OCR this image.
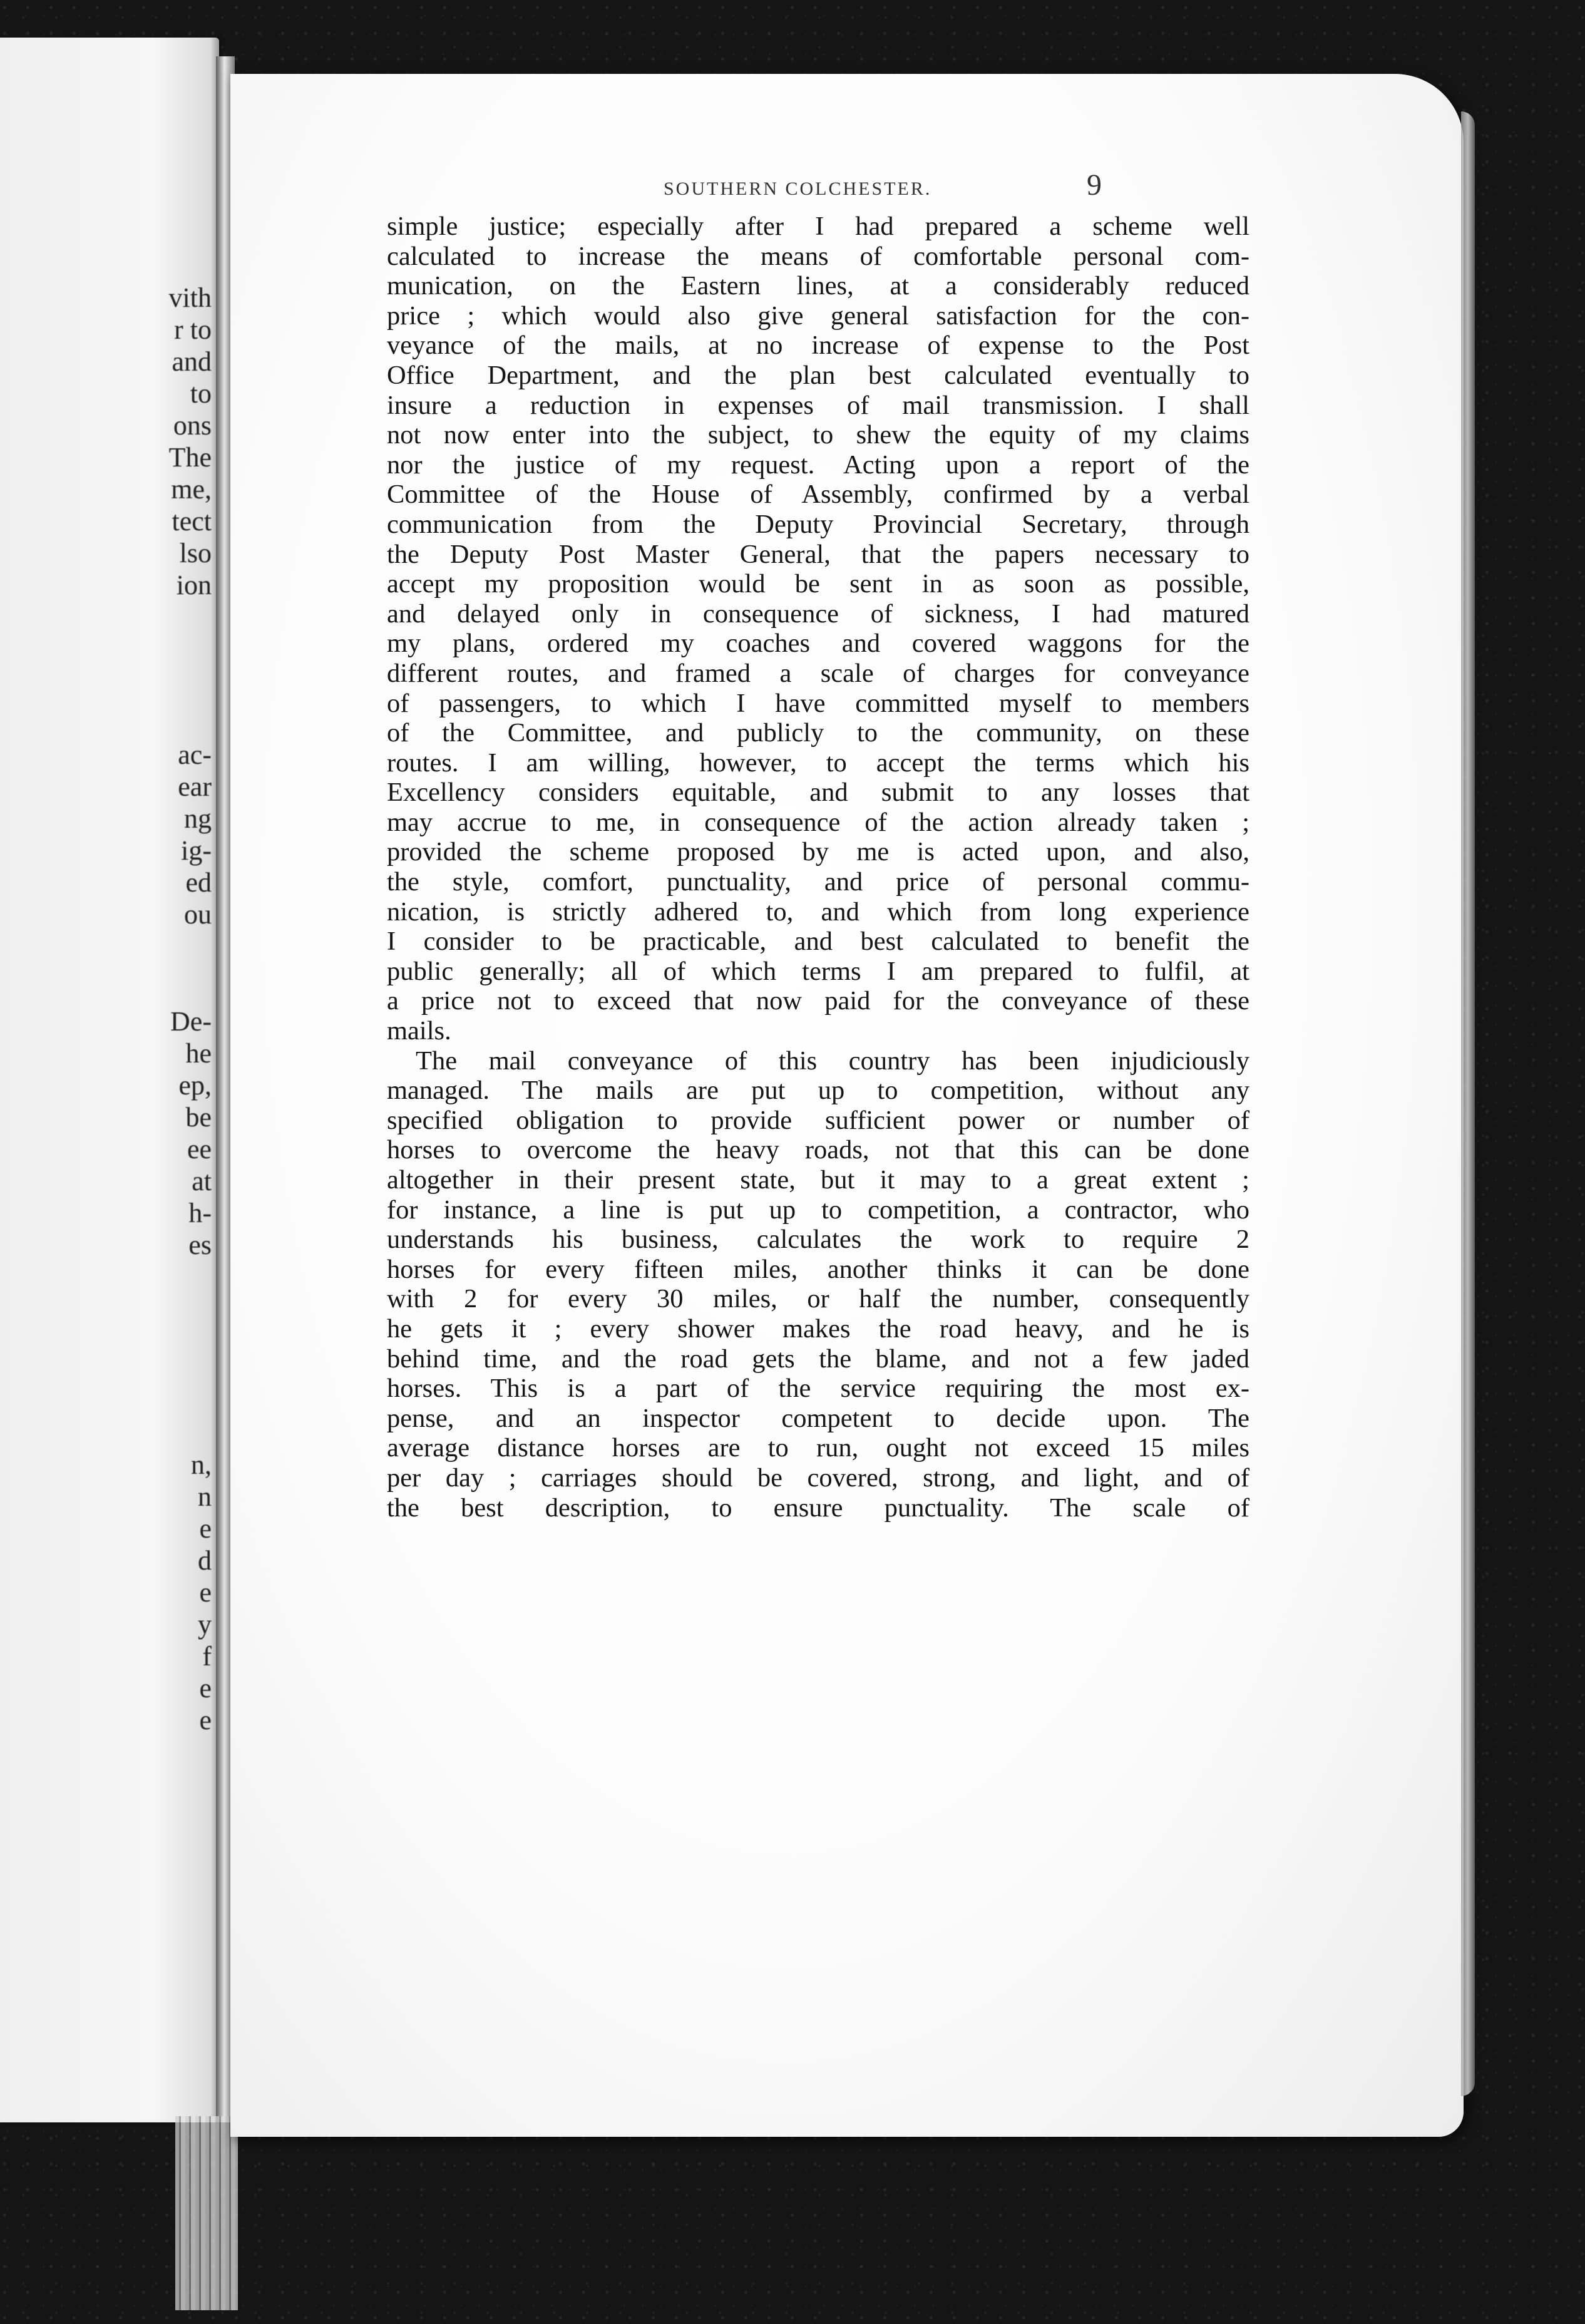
vith
r to
and
to
ons
The
me,
tect
lso
ion
ac-
ear
ng
ig-
ed
ou
De-
he
ep,
be
ee
at
h-
es
n,
n
e
d
e
y
f
e
e
SOUTHERN COLCHESTER.	9
simple justice; especially after I had prepared a scheme well
calculated to increase the means of comfortable personal com-
munication, on the Eastern lines, at a considerably reduced
price ; which would also give general satisfaction for the con-
veyance of the mails, at no increase of expense to the Post
Office Department, and the plan best calculated eventually to
insure a reduction in expenses of mail transmission. I shall
not now enter into the subject, to shew the equity of my claims
nor the justice of my request. Acting upon a report of the
Committee of the House of Assembly, confirmed by a verbal
communication from the Deputy Provincial Secretary, through
the Deputy Post Master General, that the papers necessary to
accept my proposition would be sent in as soon as possible,
and delayed only in consequence of sickness, I had matured
my plans, ordered my coaches and covered waggons for the
different routes, and framed a scale of charges for conveyance
of passengers, to which I have committed myself to members
of the Committee, and publicly to the community, on these
routes. I am willing, however, to accept the terms which his
Excellency considers equitable, and submit to any losses that
may accrue to me, in consequence of the action already taken ;
provided the scheme proposed by me is acted upon, and also,
the style, comfort, punctuality, and price of personal commu-
nication, is strictly adhered to, and which from long experience
I consider to be practicable, and best calculated to benefit the
public generally; all of which terms I am prepared to fulfil, at
a price not to exceed that now paid for the conveyance of these
mails.
The mail conveyance of this country has been injudiciously
managed. The mails are put up to competition, without any
specified obligation to provide sufficient power or number of
horses to overcome the heavy roads, not that this can be done
altogether in their present state, but it may to a great extent ;
for instance, a line is put up to competition, a contractor, who
understands his business, calculates the work to require 2
horses for every fifteen miles, another thinks it can be done
with 2 for every 30 miles, or half the number, consequently
he gets it ; every shower makes the road heavy, and he is
behind time, and the road gets the blame, and not a few jaded
horses. This is a part of the service requiring the most ex-
pense, and an inspector competent to decide upon. The
average distance horses are to run, ought not exceed 15 miles
per day ; carriages should be covered, strong, and light, and of
the best description, to ensure punctuality. The scale of
